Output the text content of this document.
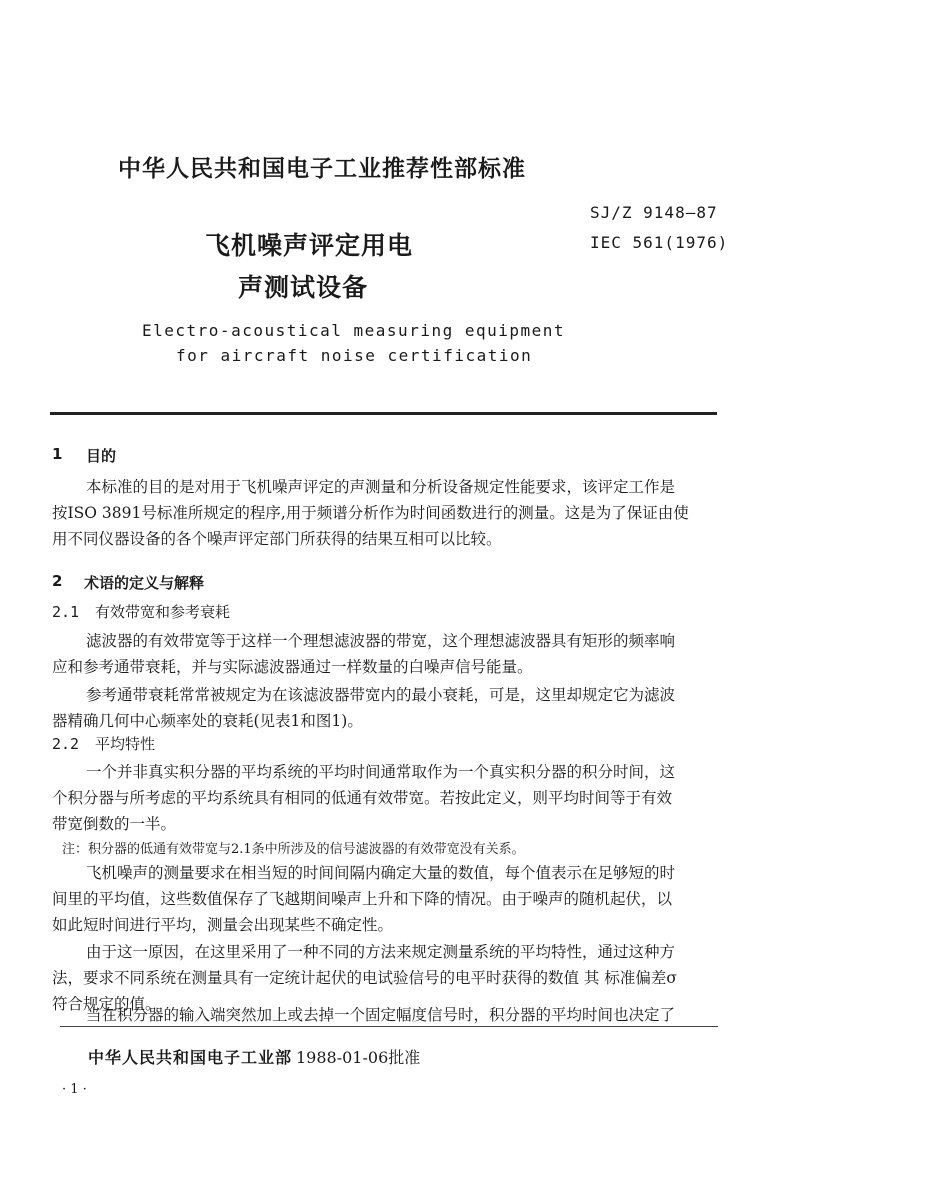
中华人民共和国电子工业推荐性部标准
SJ/Z 9148—87
IEC 561(1976)
飞机噪声评定用电
声测试设备
Electro-acoustical measuring equipment
for aircraft noise certification
1 目的
本标准的目的是对用于飞机噪声评定的声测量和分析设备规定性能要求，该评定工作是
按ISO 3891号标准所规定的程序,用于频谱分析作为时间函数进行的测量。这是为了保证由使
用不同仪器设备的各个噪声评定部门所获得的结果互相可以比较。
2 术语的定义与解释
2.1 有效带宽和参考衰耗
滤波器的有效带宽等于这样一个理想滤波器的带宽，这个理想滤波器具有矩形的频率响
应和参考通带衰耗，并与实际滤波器通过一样数量的白噪声信号能量。
参考通带衰耗常常被规定为在该滤波器带宽内的最小衰耗，可是，这里却规定它为滤波
器精确几何中心频率处的衰耗(见表1和图1)。
2.2 平均特性
一个并非真实积分器的平均系统的平均时间通常取作为一个真实积分器的积分时间，这
个积分器与所考虑的平均系统具有相同的低通有效带宽。若按此定义，则平均时间等于有效
带宽倒数的一半。
注：积分器的低通有效带宽与2.1条中所涉及的信号滤波器的有效带宽没有关系。
飞机噪声的测量要求在相当短的时间间隔内确定大量的数值，每个值表示在足够短的时
间里的平均值，这些数值保存了飞越期间噪声上升和下降的情况。由于噪声的随机起伏，以
如此短时间进行平均，测量会出现某些不确定性。
由于这一原因，在这里采用了一种不同的方法来规定测量系统的平均特性，通过这种方
法，要求不同系统在测量具有一定统计起伏的电试验信号的电平时获得的数值 其 标准偏差σ
符合规定的值。
当在积分器的输入端突然加上或去掉一个固定幅度信号时，积分器的平均时间也决定了
中华人民共和国电子工业部 1988-01-06批准
· 1 ·
